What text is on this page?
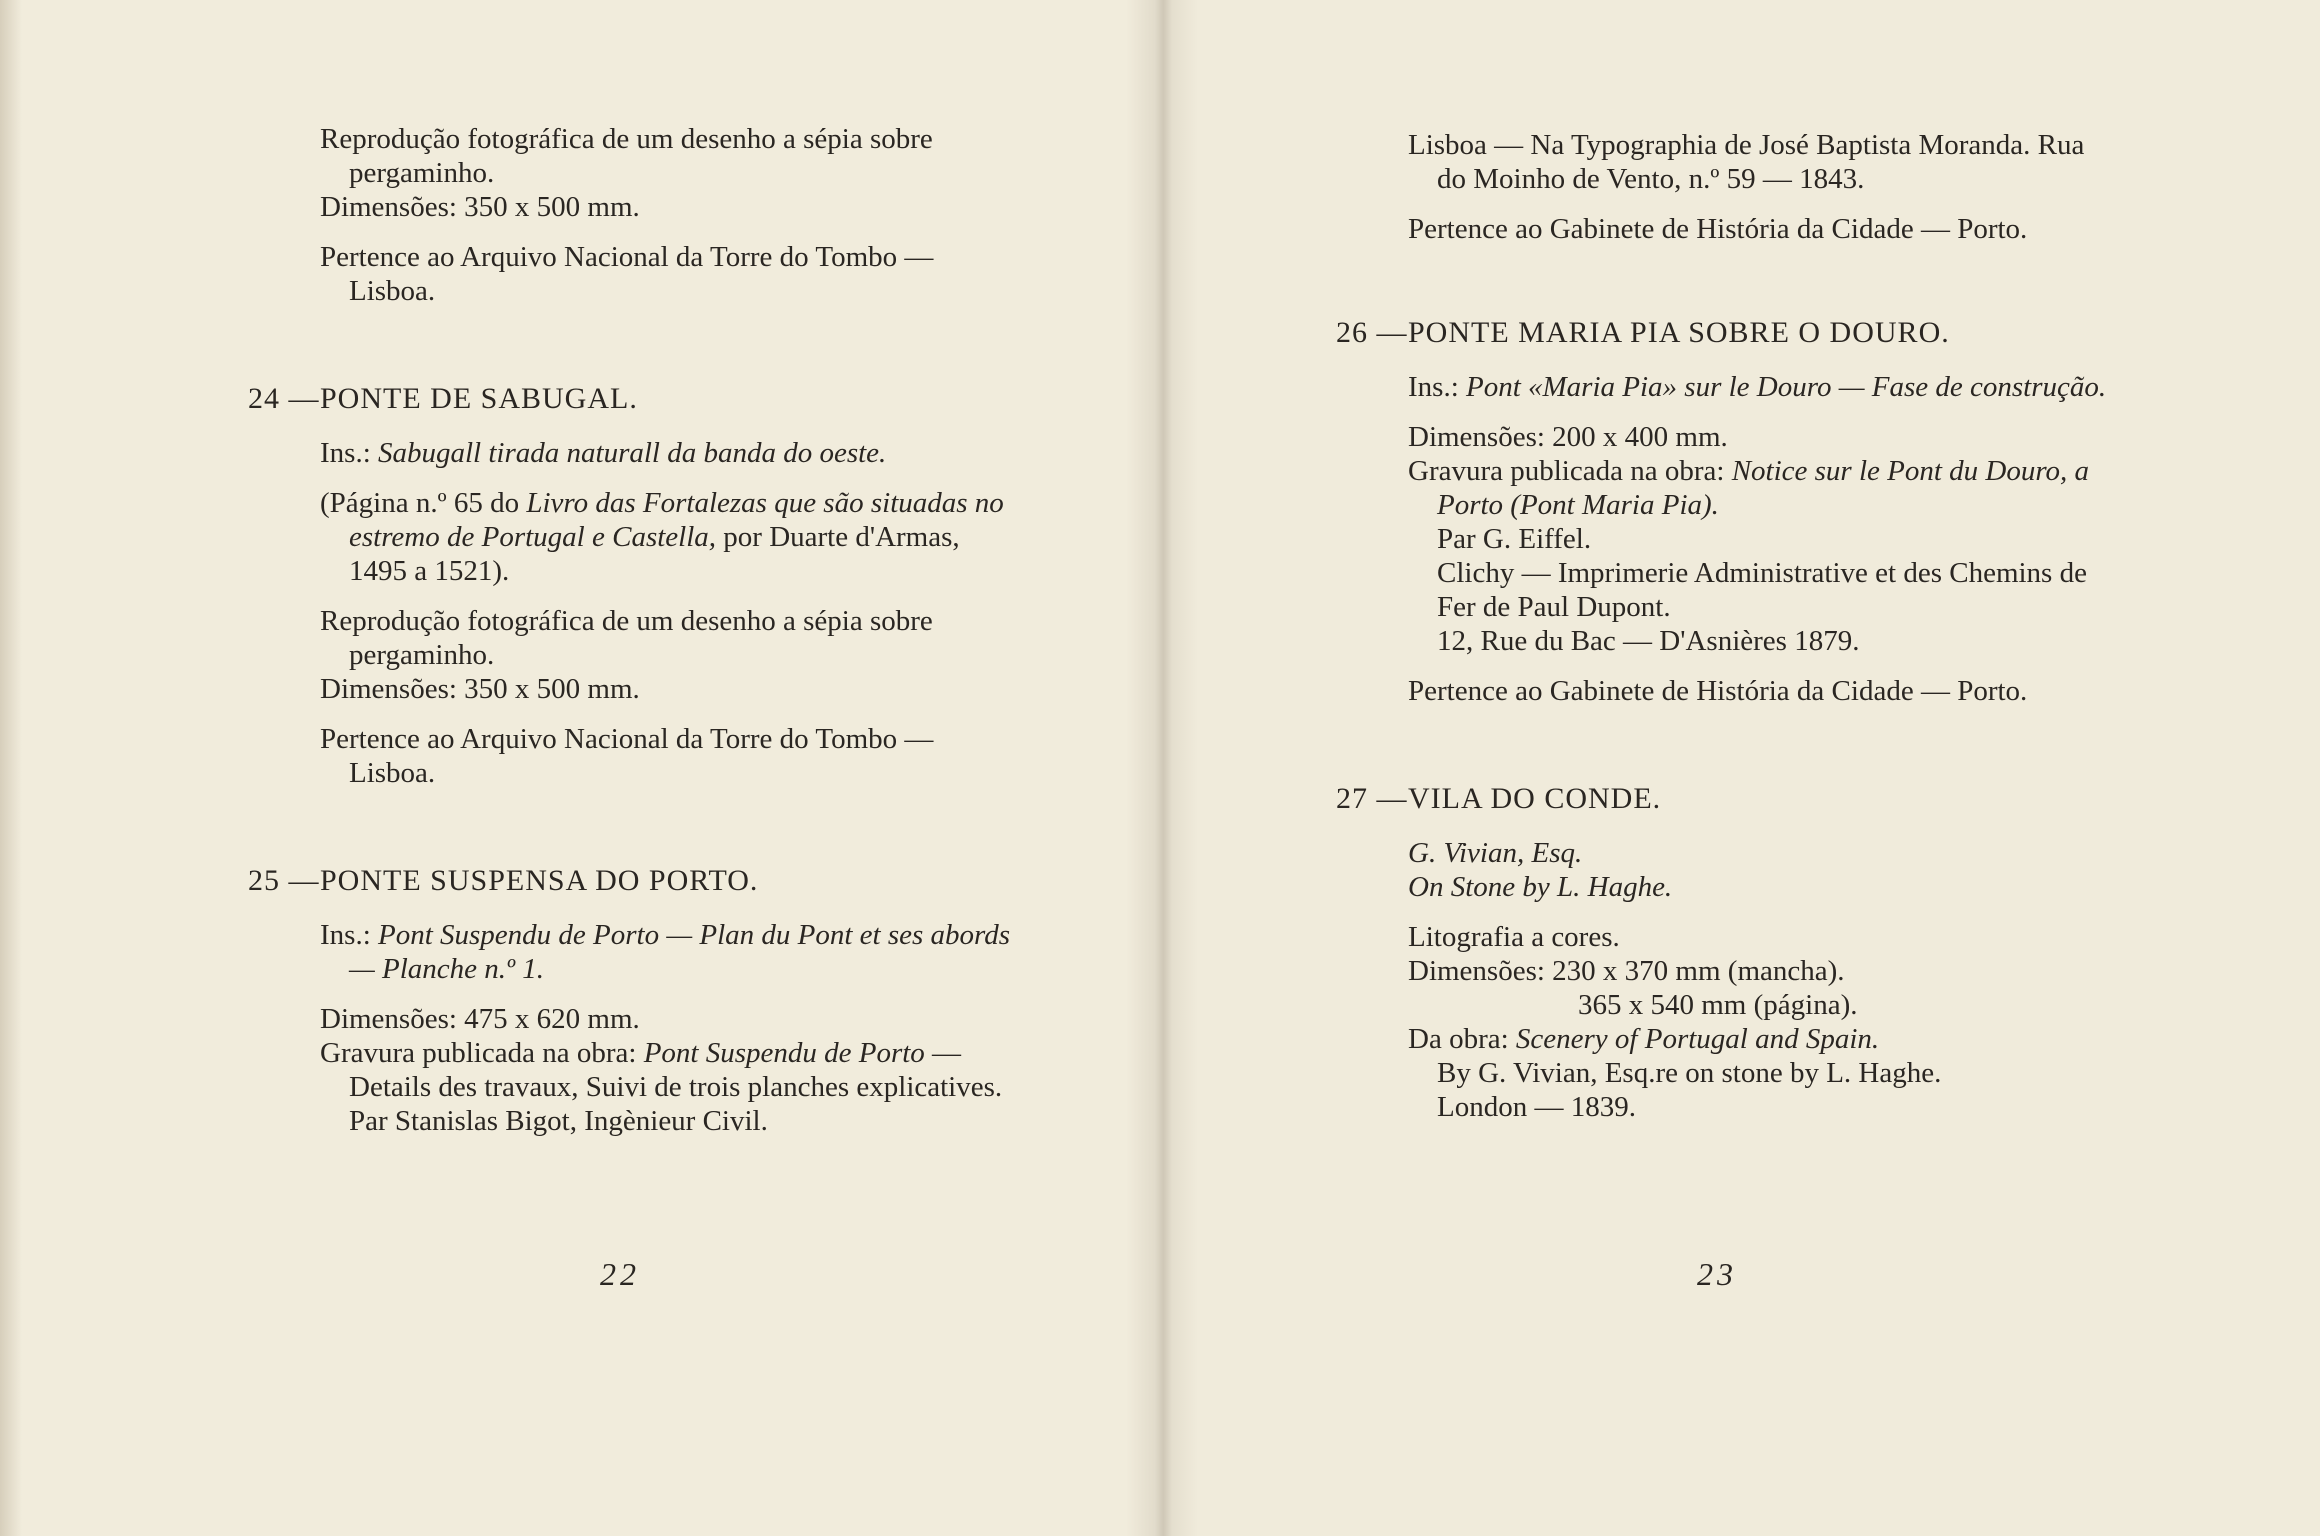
Reprodução fotográfica de um desenho a sépia sobre pergaminho.

Dimensões: 350 x 500 mm.

Pertence ao Arquivo Nacional da Torre do Tombo — Lisboa.

24 —PONTE DE SABUGAL.

Ins.: Sabugall tirada naturall da banda do oeste.

(Página n.º 65 do Livro das Fortalezas que são situadas no estremo de Portugal e Castella, por Duarte d'Armas, 1495 a 1521).

Reprodução fotográfica de um desenho a sépia sobre pergaminho.

Dimensões: 350 x 500 mm.

Pertence ao Arquivo Nacional da Torre do Tombo — Lisboa.

25 —PONTE SUSPENSA DO PORTO.

Ins.: Pont Suspendu de Porto — Plan du Pont et ses abords — Planche n.º 1.

Dimensões: 475 x 620 mm.

Gravura publicada na obra: Pont Suspendu de Porto — Details des travaux, Suivi de trois planches explicatives. Par Stanislas Bigot, Ingènieur Civil.

22

Lisboa — Na Typographia de José Baptista Moranda. Rua do Moinho de Vento, n.º 59 — 1843.

Pertence ao Gabinete de História da Cidade — Porto.

26 —PONTE MARIA PIA SOBRE O DOURO.

Ins.: Pont «Maria Pia» sur le Douro — Fase de construção.

Dimensões: 200 x 400 mm.

Gravura publicada na obra: Notice sur le Pont du Douro, a Porto (Pont Maria Pia).

Par G. Eiffel.

Clichy — Imprimerie Administrative et des Chemins de Fer de Paul Dupont.

12, Rue du Bac — D'Asnières 1879.

Pertence ao Gabinete de História da Cidade — Porto.

27 —VILA DO CONDE.

G. Vivian, Esq.

On Stone by L. Haghe.

Litografia a cores.

Dimensões: 230 x 370 mm (mancha).

365 x 540 mm (página).

Da obra: Scenery of Portugal and Spain.

By G. Vivian, Esq.re on stone by L. Haghe.

London — 1839.

23
